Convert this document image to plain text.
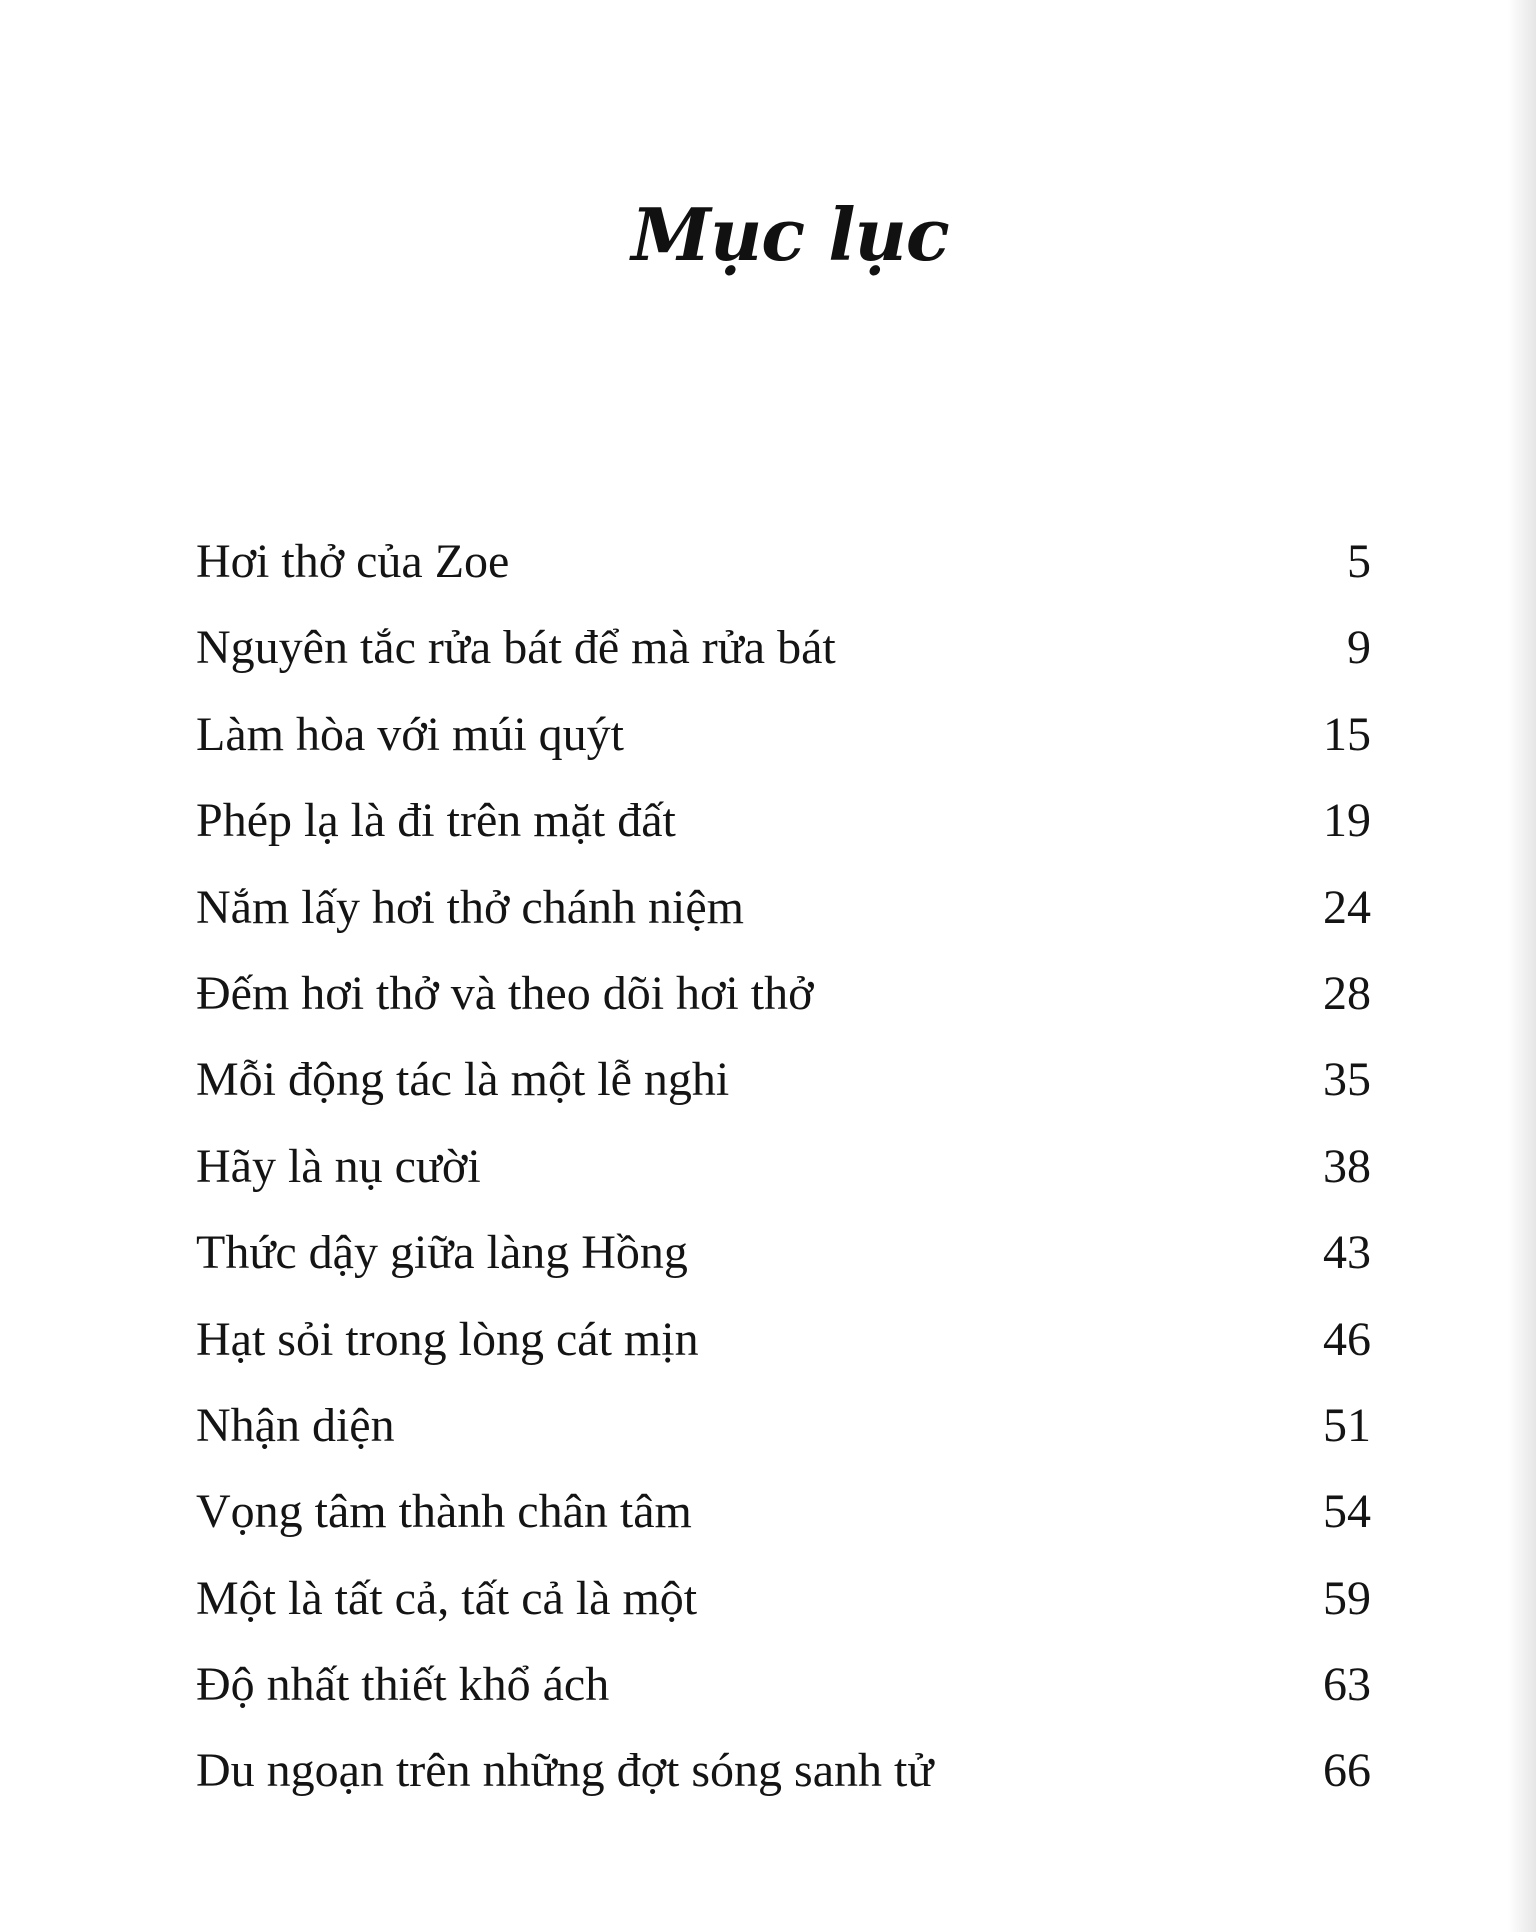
Mục lục
Hơi thở của Zoe	5
Nguyên tắc rửa bát để mà rửa bát	9
Làm hòa với múi quýt	15
Phép lạ là đi trên mặt đất	19
Nắm lấy hơi thở chánh niệm	24
Đếm hơi thở và theo dõi hơi thở	28
Mỗi động tác là một lễ nghi	35
Hãy là nụ cười	38
Thức dậy giữa làng Hồng	43
Hạt sỏi trong lòng cát mịn	46
Nhận diện	51
Vọng tâm thành chân tâm	54
Một là tất cả, tất cả là một	59
Độ nhất thiết khổ ách	63
Du ngoạn trên những đợt sóng sanh tử	66
